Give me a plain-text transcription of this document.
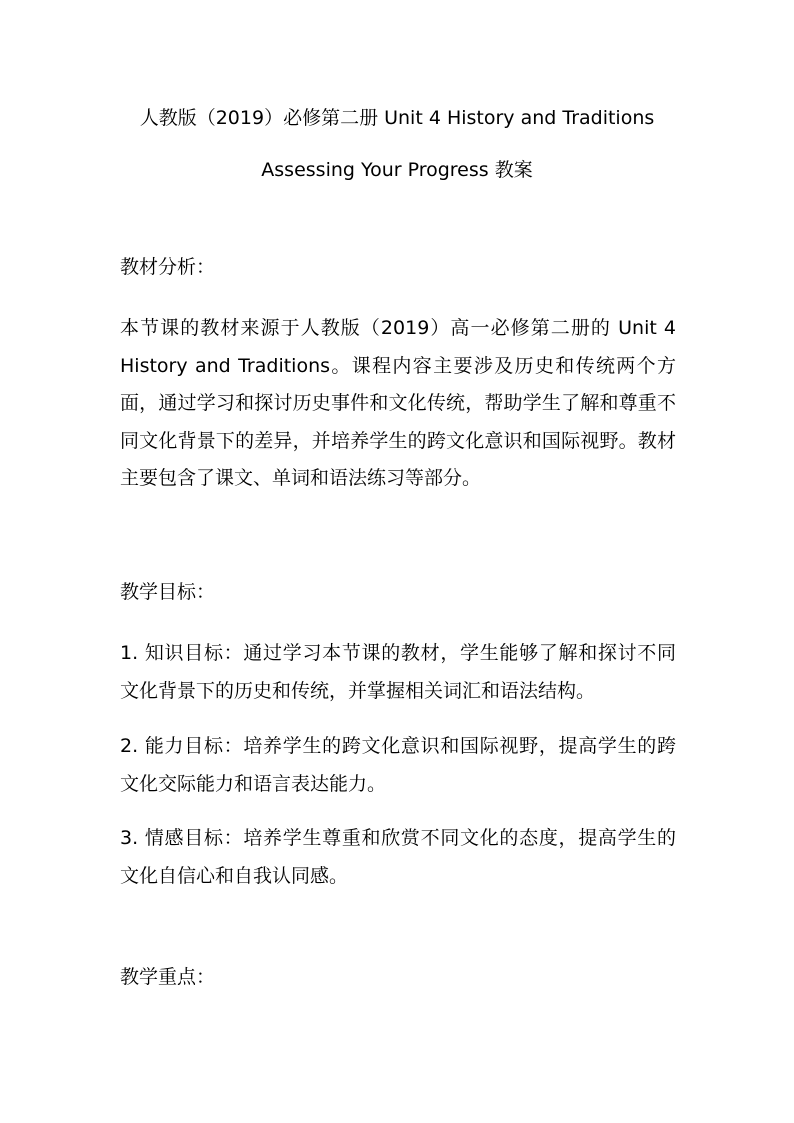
人教版（2019）必修第二册 Unit 4 History and Traditions
Assessing Your Progress 教案
教材分析：
本节课的教材来源于人教版（2019）高一必修第二册的 Unit 4 History and Traditions。课程内容主要涉及历史和传统两个方面，通过学习和探讨历史事件和文化传统，帮助学生了解和尊重不同文化背景下的差异，并培养学生的跨文化意识和国际视野。教材主要包含了课文、单词和语法练习等部分。
教学目标：
1. 知识目标：通过学习本节课的教材，学生能够了解和探讨不同文化背景下的历史和传统，并掌握相关词汇和语法结构。
2. 能力目标：培养学生的跨文化意识和国际视野，提高学生的跨文化交际能力和语言表达能力。
3. 情感目标：培养学生尊重和欣赏不同文化的态度，提高学生的文化自信心和自我认同感。
教学重点：
